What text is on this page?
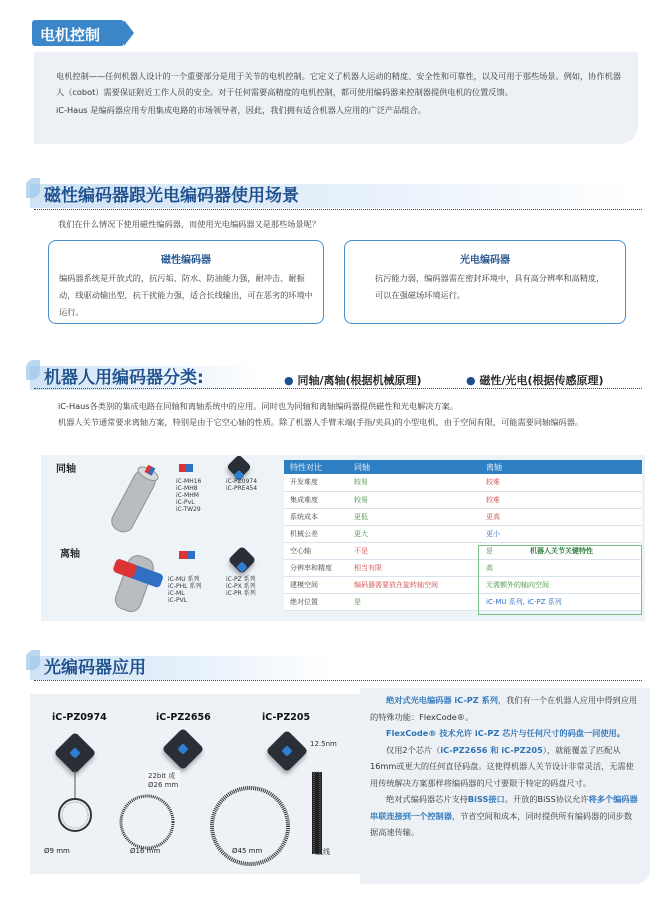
电机控制

电机控制——任何机器人设计的一个重要部分是用于关节的电机控制。它定义了机器人运动的精度、安全性和可靠性，以及可用于那些场景。例如，协作机器人（cobot）需要保证附近工作人员的安全。对于任何需要高精度的电机控制，都可使用编码器来控制器提供电机的位置反馈。

iC-Haus 是编码器应用专用集成电路的市场领导者，因此，我们拥有适合机器人应用的广泛产品组合。

磁性编码器跟光电编码器使用场景
我们在什么情况下使用磁性编码器，而使用光电编码器又是那些场景呢？
磁性编码器
编码器系统是开放式的，抗污垢、防水、防油能力强，耐冲击、耐振动，线驱动输出型，抗干扰能力强，适合长线输出，可在恶劣的环境中运行。
光电编码器
抗污能力弱，编码器需在密封环境中，具有高分辨率和高精度，可以在强磁场环境运行。
机器人用编码器分类:	● 同轴/离轴(根据机械原理)	● 磁性/光电(根据传感原理)
iC-Haus各类别的集成电路在同轴和离轴系统中的应用。同时也为同轴和离轴编码器提供磁性和光电解决方案。
机器人关节通常要求离轴方案，特别是由于它空心轴的性质。除了机器人手臂末端(手指/夹具)的小型电机，由于空间有限，可能需要同轴编码器。
同轴
iC-MH16
iC-MH8
iC-MHM
iC-PvL
iC-TW29
iC-PZ0974
iC-PRE454
离轴
iC-MU 系列
iC-PHL 系列
iC-ML
iC-PVL
iC-PZ 系列
iC-PX 系列
iC-PR 系列
特性对比	同轴	离轴
开发难度	较易	较难
集成难度	较易	较难
系统成本	更低	更高
机械公差	更大	更小
空心轴	不是	是
分辨率和精度	相当有限	高
建模空间	编码器需要放在旋转轴空间	无需额外的轴向空间
绝对位置	是	iC-MU 系列, iC-PZ 系列
机器人关节关键特性
光编码器应用
iC-PZ0974	iC-PZ2656	iC-PZ205
12.5nm
22bit 或
Ø26 mm
Ø9 mm	Ø16 mm	Ø45 mm	直线
绝对式光电编码器 iC-PZ 系列，我们有一个在机器人应用中得到应用的特殊功能：FlexCode®。
FlexCode® 技术允许 iC-PZ 芯片与任何尺寸的码盘一同使用。
仅用2个芯片（iC-PZ2656 和 iC-PZ205），就能覆盖了匹配从16mm或更大的任何直径码盘。这使得机器人关节设计非常灵活，无需使用传统解决方案那样将编码器的尺寸要限于特定的码盘尺寸。
绝对式编码器芯片支持BiSS接口。开放的BiSS协议允许将多个编码器串联连接到一个控制器，节省空间和成本，同时提供所有编码器的同步数据高速传输。
